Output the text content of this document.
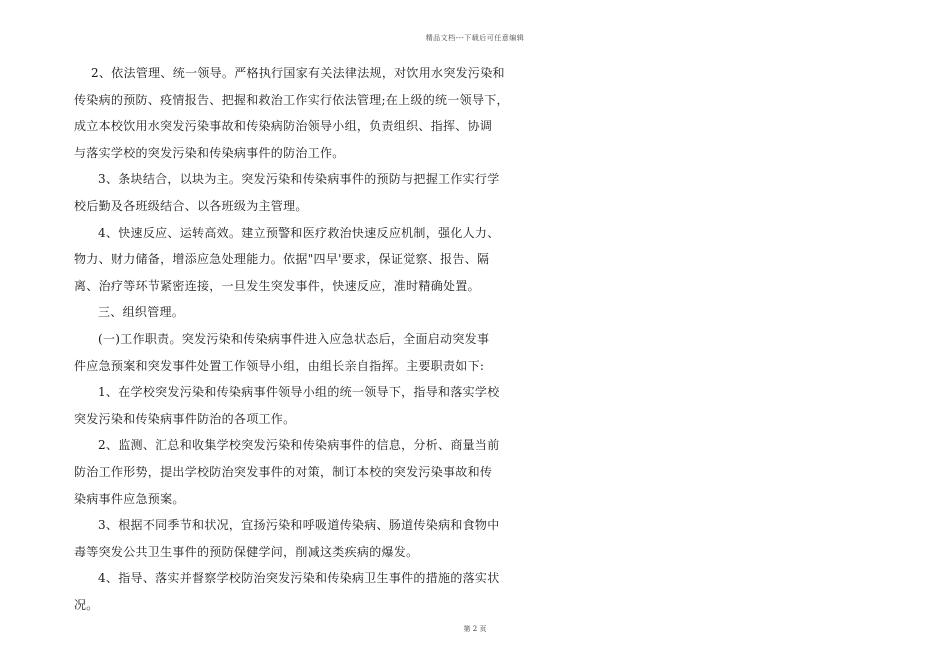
精品文档---下载后可任意编辑
2、依法管理、统一领导。严格执行国家有关法律法规，对饮用水突发污染和
传染病的预防、疫情报告、把握和救治工作实行依法管理;在上级的统一领导下，
成立本校饮用水突发污染事故和传染病防治领导小组，负责组织、指挥、协调
与落实学校的突发污染和传染病事件的防治工作。
3、条块结合，以块为主。突发污染和传染病事件的预防与把握工作实行学
校后勤及各班级结合、以各班级为主管理。
4、快速反应、运转高效。建立预警和医疗救治快速反应机制，强化人力、
物力、财力储备，增添应急处理能力。依据"四早'要求，保证觉察、报告、隔
离、治疗等环节紧密连接，一旦发生突发事件，快速反应，准时精确处置。
三、组织管理。
(一)工作职责。突发污染和传染病事件进入应急状态后，全面启动突发事
件应急预案和突发事件处置工作领导小组，由组长亲自指挥。主要职责如下:
1、在学校突发污染和传染病事件领导小组的统一领导下，指导和落实学校
突发污染和传染病事件防治的各项工作。
2、监测、汇总和收集学校突发污染和传染病事件的信息，分析、商量当前
防治工作形势，提出学校防治突发事件的对策，制订本校的突发污染事故和传
染病事件应急预案。
3、根据不同季节和状况，宜扬污染和呼吸道传染病、肠道传染病和食物中
毒等突发公共卫生事件的预防保健学问，削减这类疾病的爆发。
4、指导、落实并督察学校防治突发污染和传染病卫生事件的措施的落实状
况。
第 2 页
